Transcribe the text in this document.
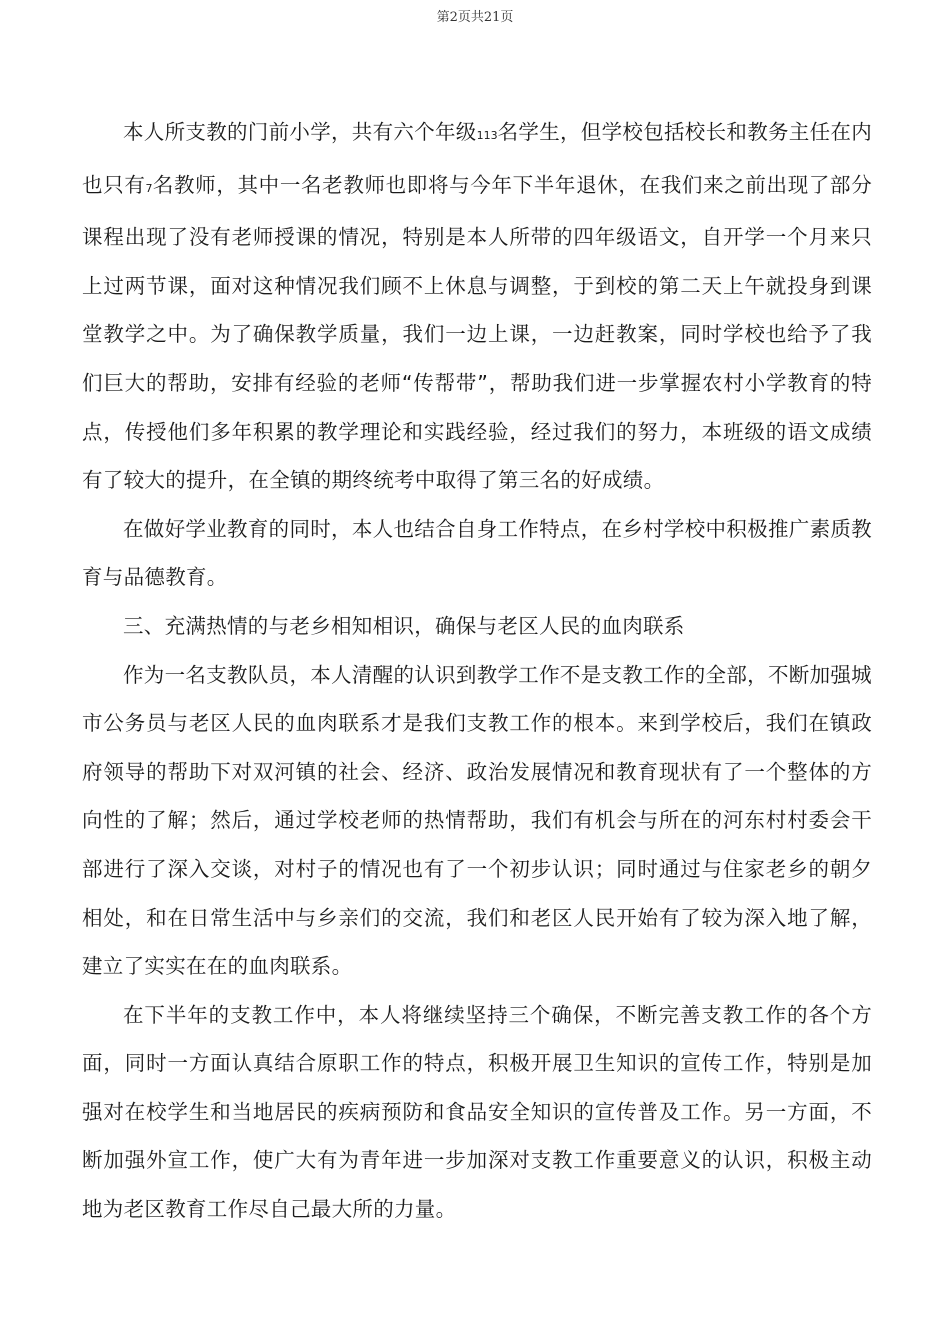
第2页共21页

本人所支教的门前小学，共有六个年级113名学生，但学校包括校长和教务主任在内也只有7名教师，其中一名老教师也即将与今年下半年退休，在我们来之前出现了部分课程出现了没有老师授课的情况，特别是本人所带的四年级语文，自开学一个月来只上过两节课，面对这种情况我们顾不上休息与调整，于到校的第二天上午就投身到课堂教学之中。为了确保教学质量，我们一边上课，一边赶教案，同时学校也给予了我们巨大的帮助，安排有经验的老师“传帮带”，帮助我们进一步掌握农村小学教育的特点，传授他们多年积累的教学理论和实践经验，经过我们的努力，本班级的语文成绩有了较大的提升，在全镇的期终统考中取得了第三名的好成绩。

在做好学业教育的同时，本人也结合自身工作特点，在乡村学校中积极推广素质教育与品德教育。

三、充满热情的与老乡相知相识，确保与老区人民的血肉联系

作为一名支教队员，本人清醒的认识到教学工作不是支教工作的全部，不断加强城市公务员与老区人民的血肉联系才是我们支教工作的根本。来到学校后，我们在镇政府领导的帮助下对双河镇的社会、经济、政治发展情况和教育现状有了一个整体的方向性的了解；然后，通过学校老师的热情帮助，我们有机会与所在的河东村村委会干部进行了深入交谈，对村子的情况也有了一个初步认识；同时通过与住家老乡的朝夕相处，和在日常生活中与乡亲们的交流，我们和老区人民开始有了较为深入地了解，建立了实实在在的血肉联系。

在下半年的支教工作中，本人将继续坚持三个确保，不断完善支教工作的各个方面，同时一方面认真结合原职工作的特点，积极开展卫生知识的宣传工作，特别是加强对在校学生和当地居民的疾病预防和食品安全知识的宣传普及工作。另一方面，不断加强外宣工作，使广大有为青年进一步加深对支教工作重要意义的认识，积极主动地为老区教育工作尽自己最大所的力量。
